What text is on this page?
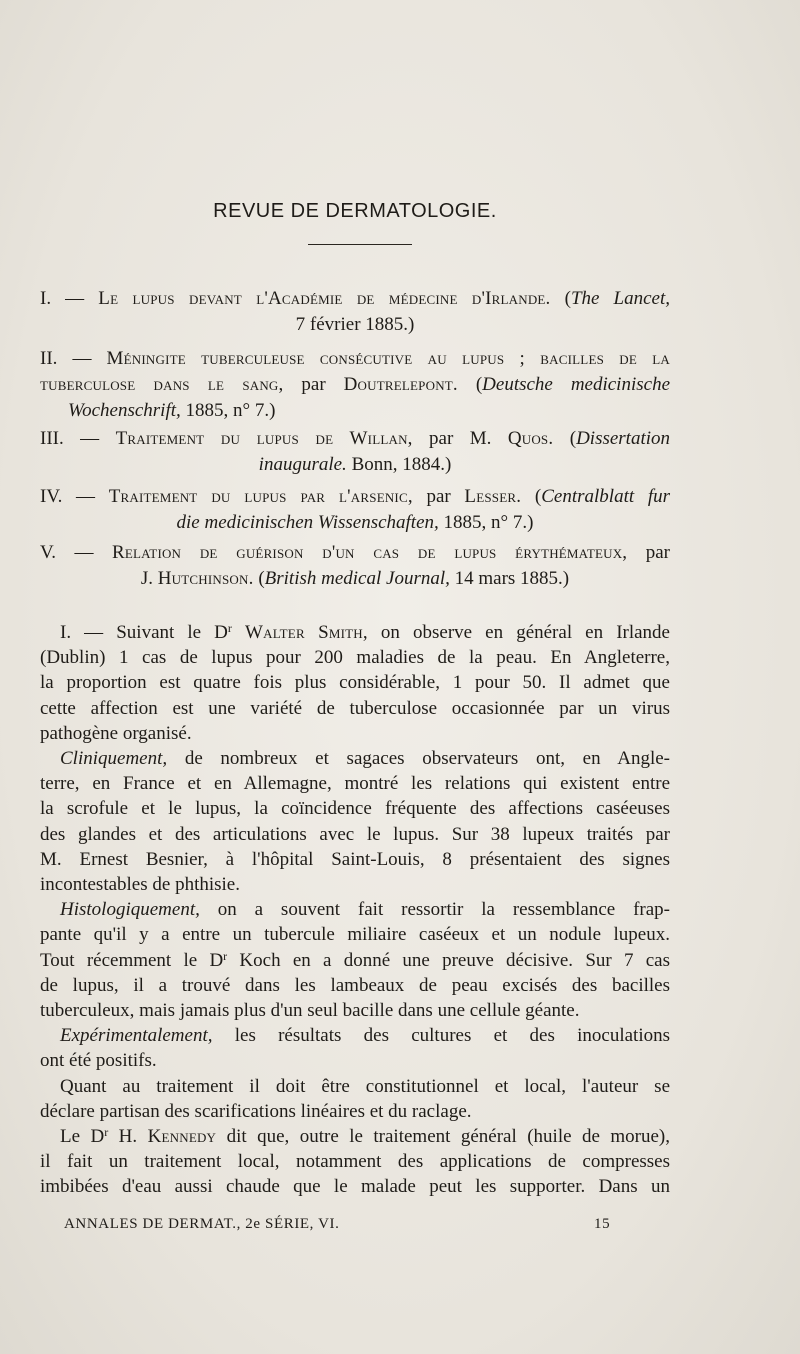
REVUE DE DERMATOLOGIE.
I. — Le lupus devant l'Académie de médecine d'Irlande. (The Lancet,
7 février 1885.)
II. — Méningite tuberculeuse consécutive au lupus ; bacilles de la
tuberculose dans le sang, par Doutrelepont. (Deutsche medicinische
Wochenschrift, 1885, n° 7.)
III. — Traitement du lupus de Willan, par M. Quos. (Dissertation
inaugurale. Bonn, 1884.)
IV. — Traitement du lupus par l'arsenic, par Lesser. (Centralblatt fur
die medicinischen Wissenschaften, 1885, n° 7.)
V. — Relation de guérison d'un cas de lupus érythémateux, par
J. Hutchinson. (British medical Journal, 14 mars 1885.)
I. — Suivant le $D^r$ Walter Smith, on observe en général en Irlande
(Dublin) 1 cas de lupus pour 200 maladies de la peau. En Angleterre,
la proportion est quatre fois plus considérable, 1 pour 50. Il admet que
cette affection est une variété de tuberculose occasionnée par un virus
pathogène organisé.
Cliniquement, de nombreux et sagaces observateurs ont, en Angle-
terre, en France et en Allemagne, montré les relations qui existent entre
la scrofule et le lupus, la coïncidence fréquente des affections caséeuses
des glandes et des articulations avec le lupus. Sur 38 lupeux traités par
M. Ernest Besnier, à l'hôpital Saint-Louis, 8 présentaient des signes
incontestables de phthisie.
Histologiquement, on a souvent fait ressortir la ressemblance frap-
pante qu'il y a entre un tubercule miliaire caséeux et un nodule lupeux.
Tout récemment le $D^r$ Koch en a donné une preuve décisive. Sur 7 cas
de lupus, il a trouvé dans les lambeaux de peau excisés des bacilles
tuberculeux, mais jamais plus d'un seul bacille dans une cellule géante.
Expérimentalement, les résultats des cultures et des inoculations
ont été positifs.
Quant au traitement il doit être constitutionnel et local, l'auteur se
déclare partisan des scarifications linéaires et du raclage.
Le $D^r$ H. Kennedy dit que, outre le traitement général (huile de morue),
il fait un traitement local, notamment des applications de compresses
imbibées d'eau aussi chaude que le malade peut les supporter. Dans un
ANNALES DE DERMAT., 2e SÉRIE, VI.	15
